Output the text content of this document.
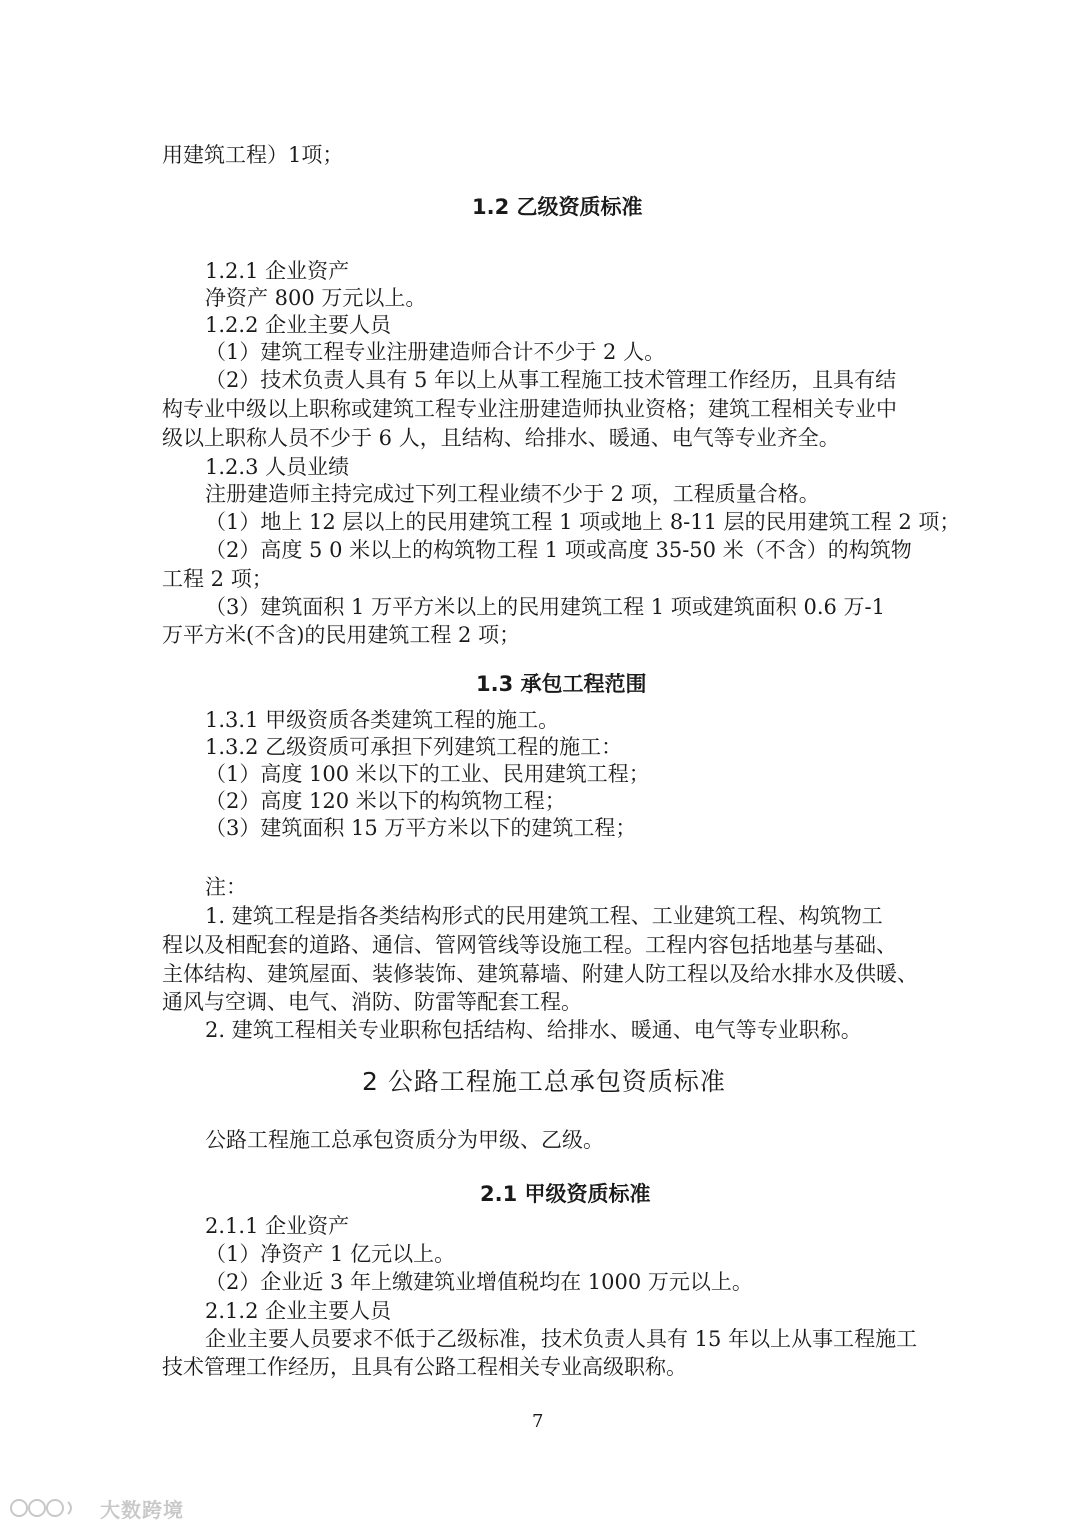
用建筑工程）1项；
1.2 乙级资质标准
1.2.1 企业资产
净资产 800 万元以上。
1.2.2 企业主要人员
（1）建筑工程专业注册建造师合计不少于 2 人。
（2）技术负责人具有 5 年以上从事工程施工技术管理工作经历，且具有结
构专业中级以上职称或建筑工程专业注册建造师执业资格；建筑工程相关专业中
级以上职称人员不少于 6 人，且结构、给排水、暖通、电气等专业齐全。
1.2.3 人员业绩
注册建造师主持完成过下列工程业绩不少于 2 项，工程质量合格。
（1）地上 12 层以上的民用建筑工程 1 项或地上 8-11 层的民用建筑工程 2 项；
（2）高度 5 0 米以上的构筑物工程 1 项或高度 35-50 米（不含）的构筑物
工程 2 项；
（3）建筑面积 1 万平方米以上的民用建筑工程 1 项或建筑面积 0.6 万-1
万平方米(不含)的民用建筑工程 2 项；
1.3 承包工程范围
1.3.1 甲级资质各类建筑工程的施工。
1.3.2 乙级资质可承担下列建筑工程的施工：
（1）高度 100 米以下的工业、民用建筑工程；
（2）高度 120 米以下的构筑物工程；
（3）建筑面积 15 万平方米以下的建筑工程；
注：
1. 建筑工程是指各类结构形式的民用建筑工程、工业建筑工程、构筑物工
程以及相配套的道路、通信、管网管线等设施工程。工程内容包括地基与基础、
主体结构、建筑屋面、装修装饰、建筑幕墙、附建人防工程以及给水排水及供暖、
通风与空调、电气、消防、防雷等配套工程。
2. 建筑工程相关专业职称包括结构、给排水、暖通、电气等专业职称。
2 公路工程施工总承包资质标准
公路工程施工总承包资质分为甲级、乙级。
2.1 甲级资质标准
2.1.1 企业资产
（1）净资产 1 亿元以上。
（2）企业近 3 年上缴建筑业增值税均在 1000 万元以上。
2.1.2 企业主要人员
企业主要人员要求不低于乙级标准，技术负责人具有 15 年以上从事工程施工
技术管理工作经历，且具有公路工程相关专业高级职称。
7
大数跨境
